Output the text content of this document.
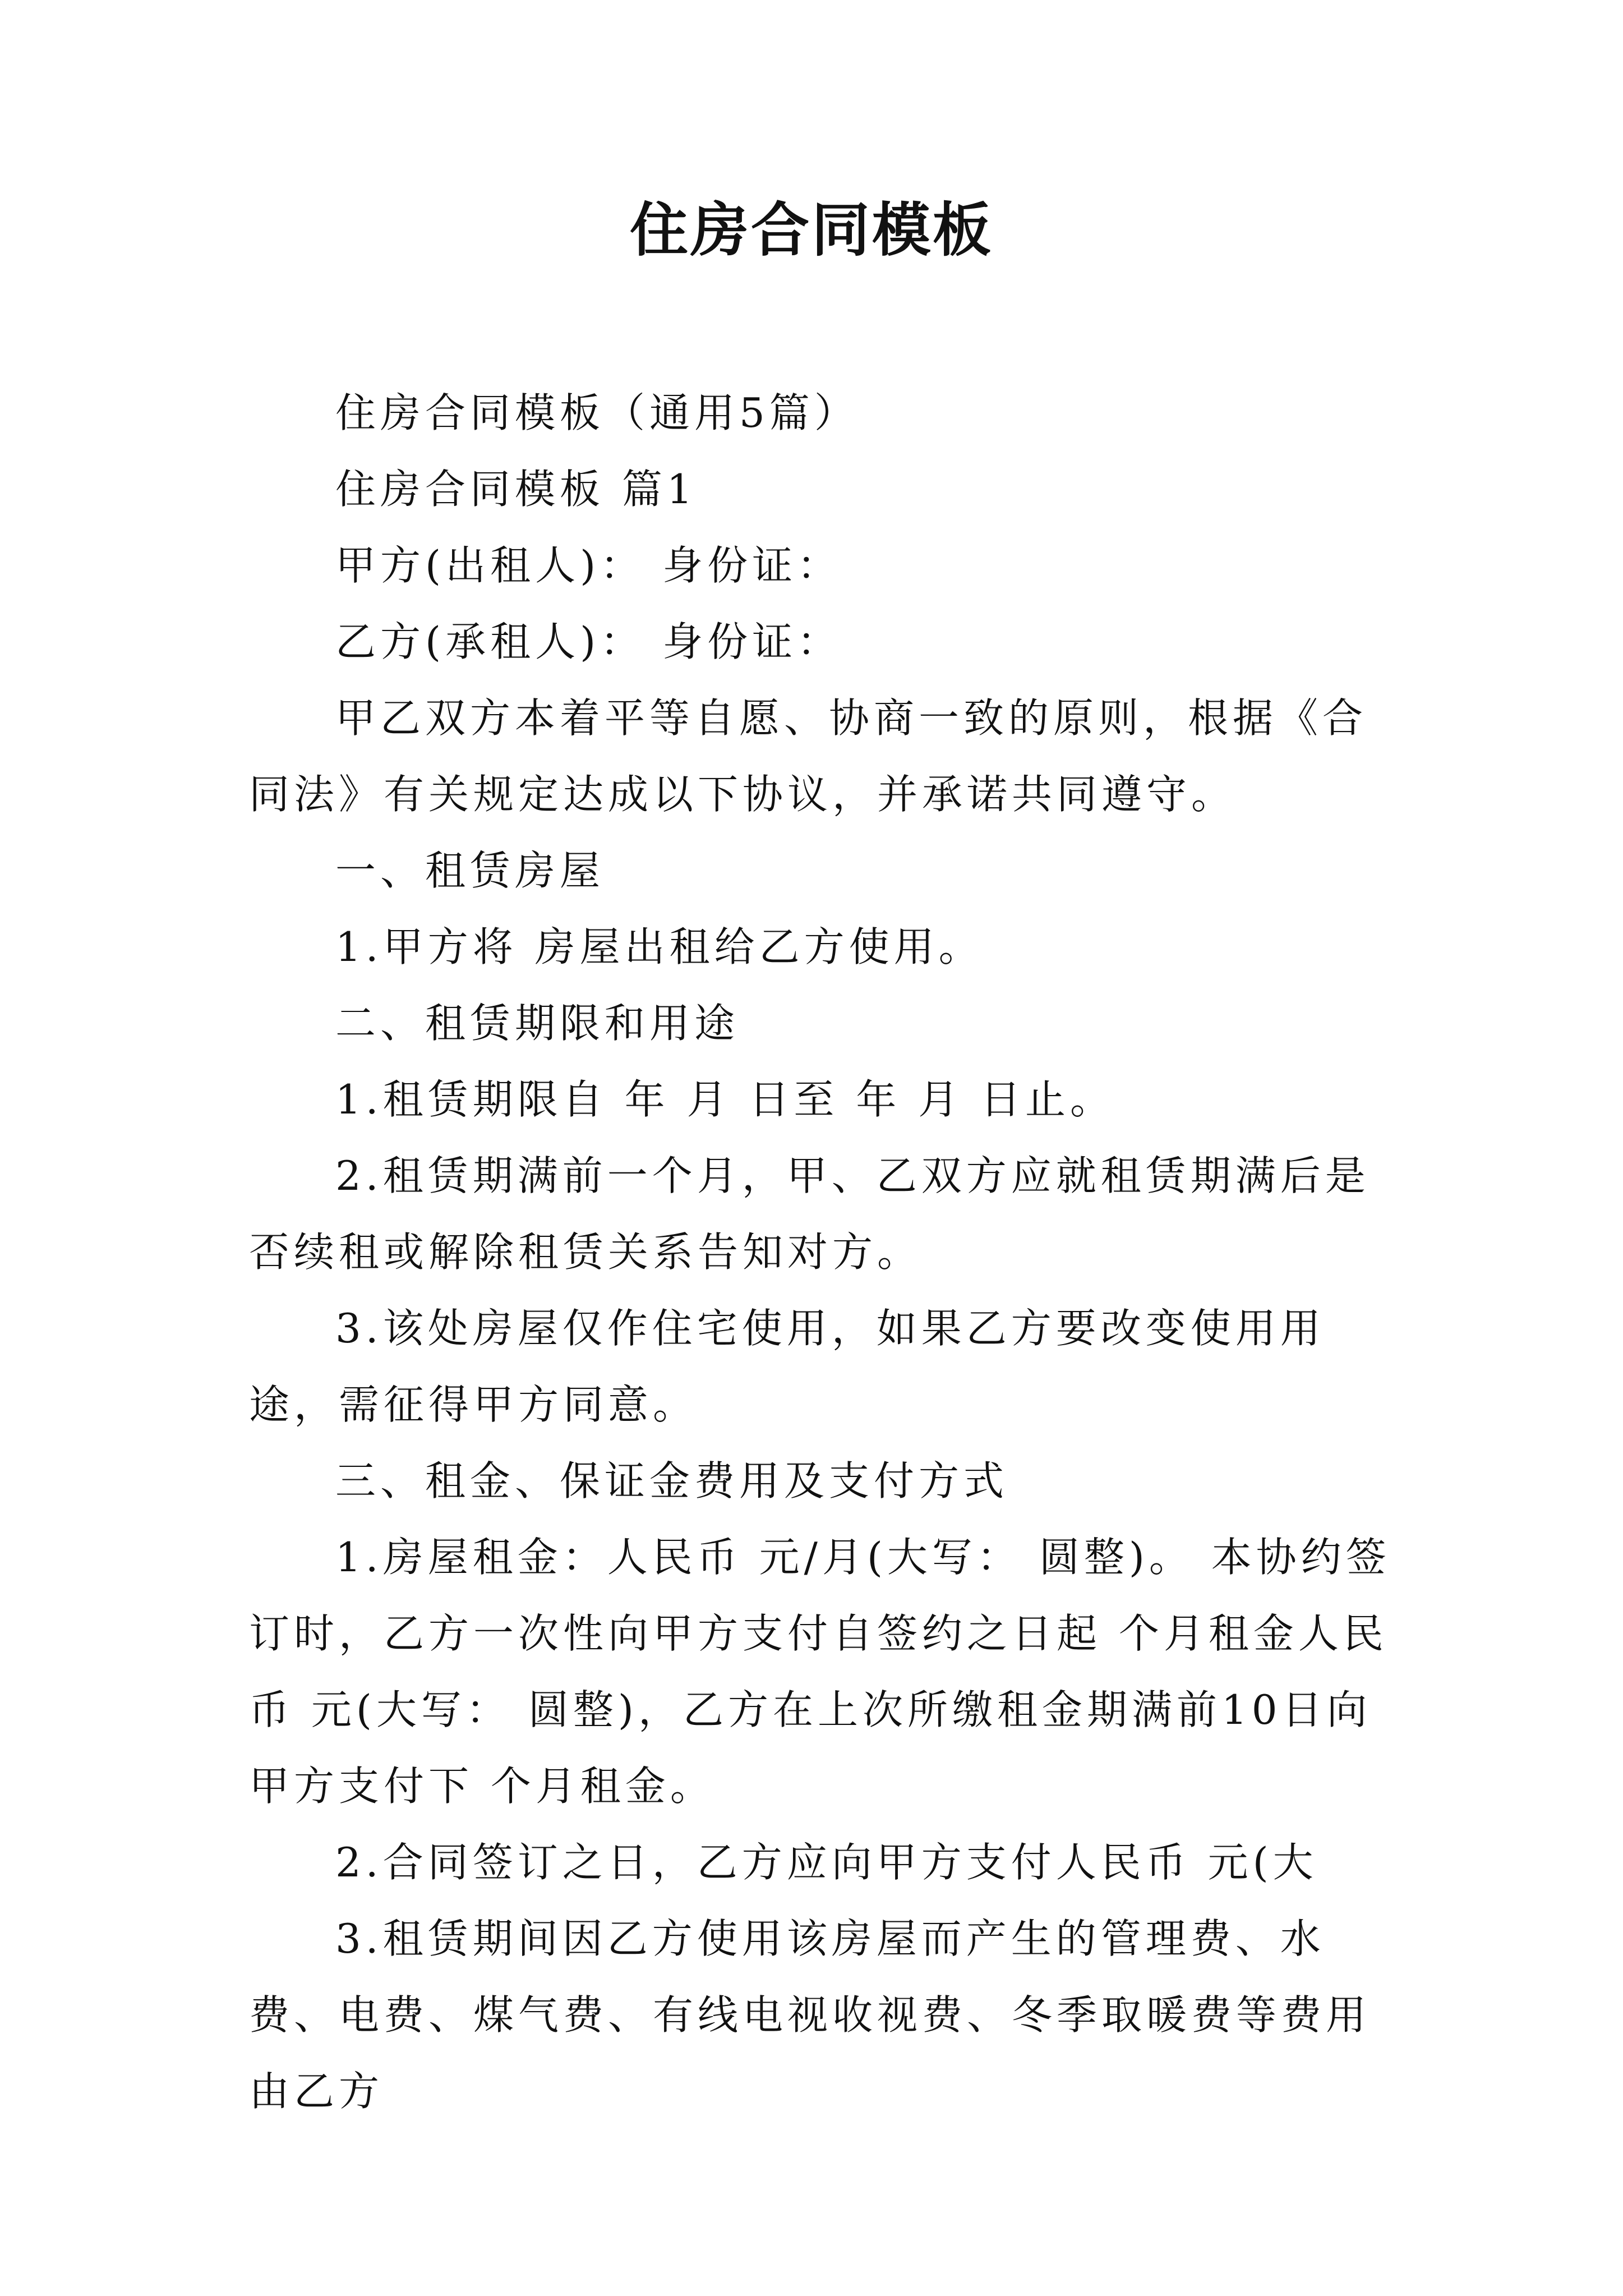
住房合同模板

住房合同模板（通用5篇）

住房合同模板 篇1

甲方(出租人)： 身份证：

乙方(承租人)： 身份证：

甲乙双方本着平等自愿、协商一致的原则，根据《合同法》有关规定达成以下协议，并承诺共同遵守。

一、租赁房屋

1.甲方将 房屋出租给乙方使用。

二、租赁期限和用途

1.租赁期限自 年 月 日至 年 月 日止。

2.租赁期满前一个月，甲、乙双方应就租赁期满后是否续租或解除租赁关系告知对方。

3.该处房屋仅作住宅使用，如果乙方要改变使用用途，需征得甲方同意。

三、租金、保证金费用及支付方式

1.房屋租金：人民币 元/月(大写： 圆整)。 本协约签订时，乙方一次性向甲方支付自签约之日起 个月租金人民币 元(大写： 圆整)，乙方在上次所缴租金期满前10日向甲方支付下 个月租金。

2.合同签订之日，乙方应向甲方支付人民币 元(大

3.租赁期间因乙方使用该房屋而产生的管理费、水费、电费、煤气费、有线电视收视费、冬季取暖费等费用由乙方
